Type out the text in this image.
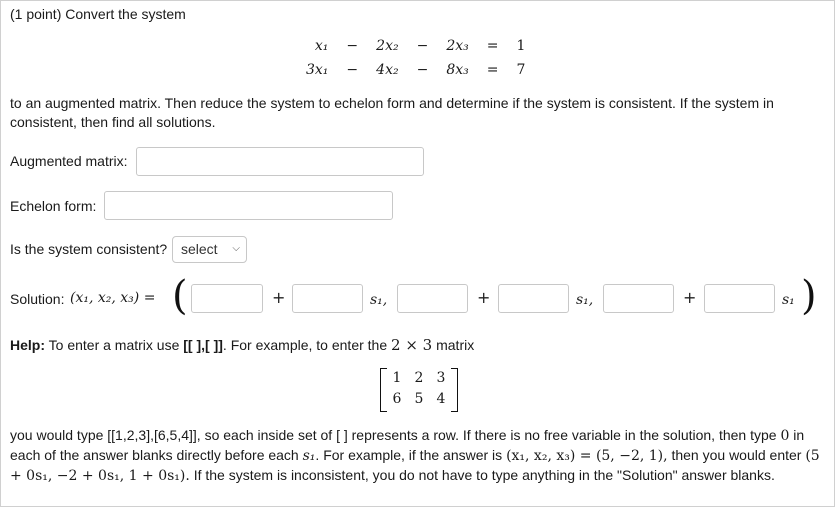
(1 point) Convert the system
x₁	−	2x₂	−	2x₃	=	1
3x₁	−	4x₂	−	8x₃	=	7
to an augmented matrix. Then reduce the system to echelon form and determine if the system is consistent. If the system in consistent, then find all solutions.
Augmented matrix:
Echelon form:
Is the system consistent? select ⌵
Solution: (x₁, x₂, x₃) = (	+	s₁,	+	s₁,	+	s₁ )
Help: To enter a matrix use [[ ],[ ]]. For example, to enter the 2 × 3 matrix
1 2 3
6 5 4
you would type [[1,2,3],[6,5,4]], so each inside set of [ ] represents a row. If there is no free variable in the solution, then type 0 in each of the answer blanks directly before each s₁. For example, if the answer is (x₁, x₂, x₃) = (5, −2, 1), then you would enter (5 + 0s₁, −2 + 0s₁, 1 + 0s₁). If the system is inconsistent, you do not have to type anything in the "Solution" answer blanks.
